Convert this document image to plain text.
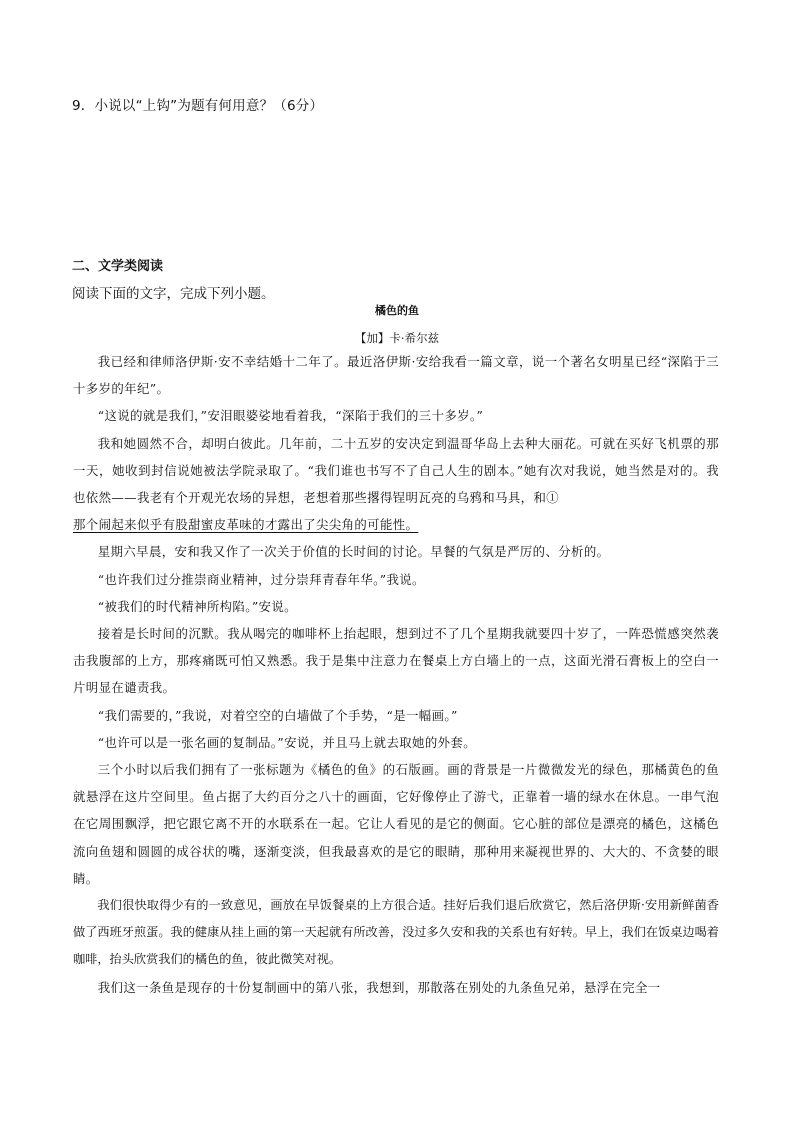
9．小说以“上钩”为题有何用意？（6分）
二、文学类阅读
阅读下面的文字，完成下列小题。
橘色的鱼
【加】卡·希尔兹

我已经和律师洛伊斯·安不幸结婚十二年了。最近洛伊斯·安给我看一篇文章，说一个著名女明星已经“深陷于三十多岁的年纪”。

“这说的就是我们，”安泪眼婆娑地看着我，“深陷于我们的三十多岁。”

我和她圆然不合，却明白彼此。几年前，二十五岁的安决定到温哥华岛上去种大丽花。可就在买好飞机票的那一天，她收到封信说她被法学院录取了。“我们谁也书写不了自己人生的剧本。”她有次对我说，她当然是对的。我也依然——我老有个开观光农场的异想，老想着那些撂得锃明瓦亮的乌鸦和马具，和①

那个闹起来似乎有股甜蜜皮革味的才露出了尖尖角的可能性。

星期六早晨，安和我又作了一次关于价值的长时间的讨论。早餐的气氛是严厉的、分析的。

“也许我们过分推崇商业精神，过分崇拜青春年华。”我说。

“被我们的时代精神所构陷。”安说。

接着是长时间的沉默。我从喝完的咖啡杯上抬起眼，想到过不了几个星期我就要四十岁了，一阵恐慌感突然袭击我腹部的上方，那疼痛既可怕又熟悉。我于是集中注意力在餐桌上方白墙上的一点，这面光滑石膏板上的空白一片明显在谴责我。

“我们需要的，”我说，对着空空的白墙做了个手势，“是一幅画。”

“也许可以是一张名画的复制品。”安说，并且马上就去取她的外套。

三个小时以后我们拥有了一张标题为《橘色的鱼》的石版画。画的背景是一片微微发光的绿色，那橘黄色的鱼就悬浮在这片空间里。鱼占据了大约百分之八十的画面，它好像停止了游弋，正靠着一墙的绿水在休息。一串气泡在它周围飘浮，把它跟它离不开的水联系在一起。它让人看见的是它的侧面。它心脏的部位是漂亮的橘色，这橘色流向鱼翅和圆圆的成谷状的嘴，逐渐变淡，但我最喜欢的是它的眼睛，那种用来凝视世界的、大大的、不贪婪的眼睛。

我们很快取得少有的一致意见，画放在早饭餐桌的上方很合适。挂好后我们退后欣赏它，然后洛伊斯·安用新鲜菌香做了西班牙煎蛋。我的健康从挂上画的第一天起就有所改善，没过多久安和我的关系也有好转。早上，我们在饭桌边喝着咖啡，抬头欣赏我们的橘色的鱼，彼此微笑对视。

我们这一条鱼是现存的十份复制画中的第八张，我想到，那散落在别处的九条鱼兄弟，悬浮在完全一
